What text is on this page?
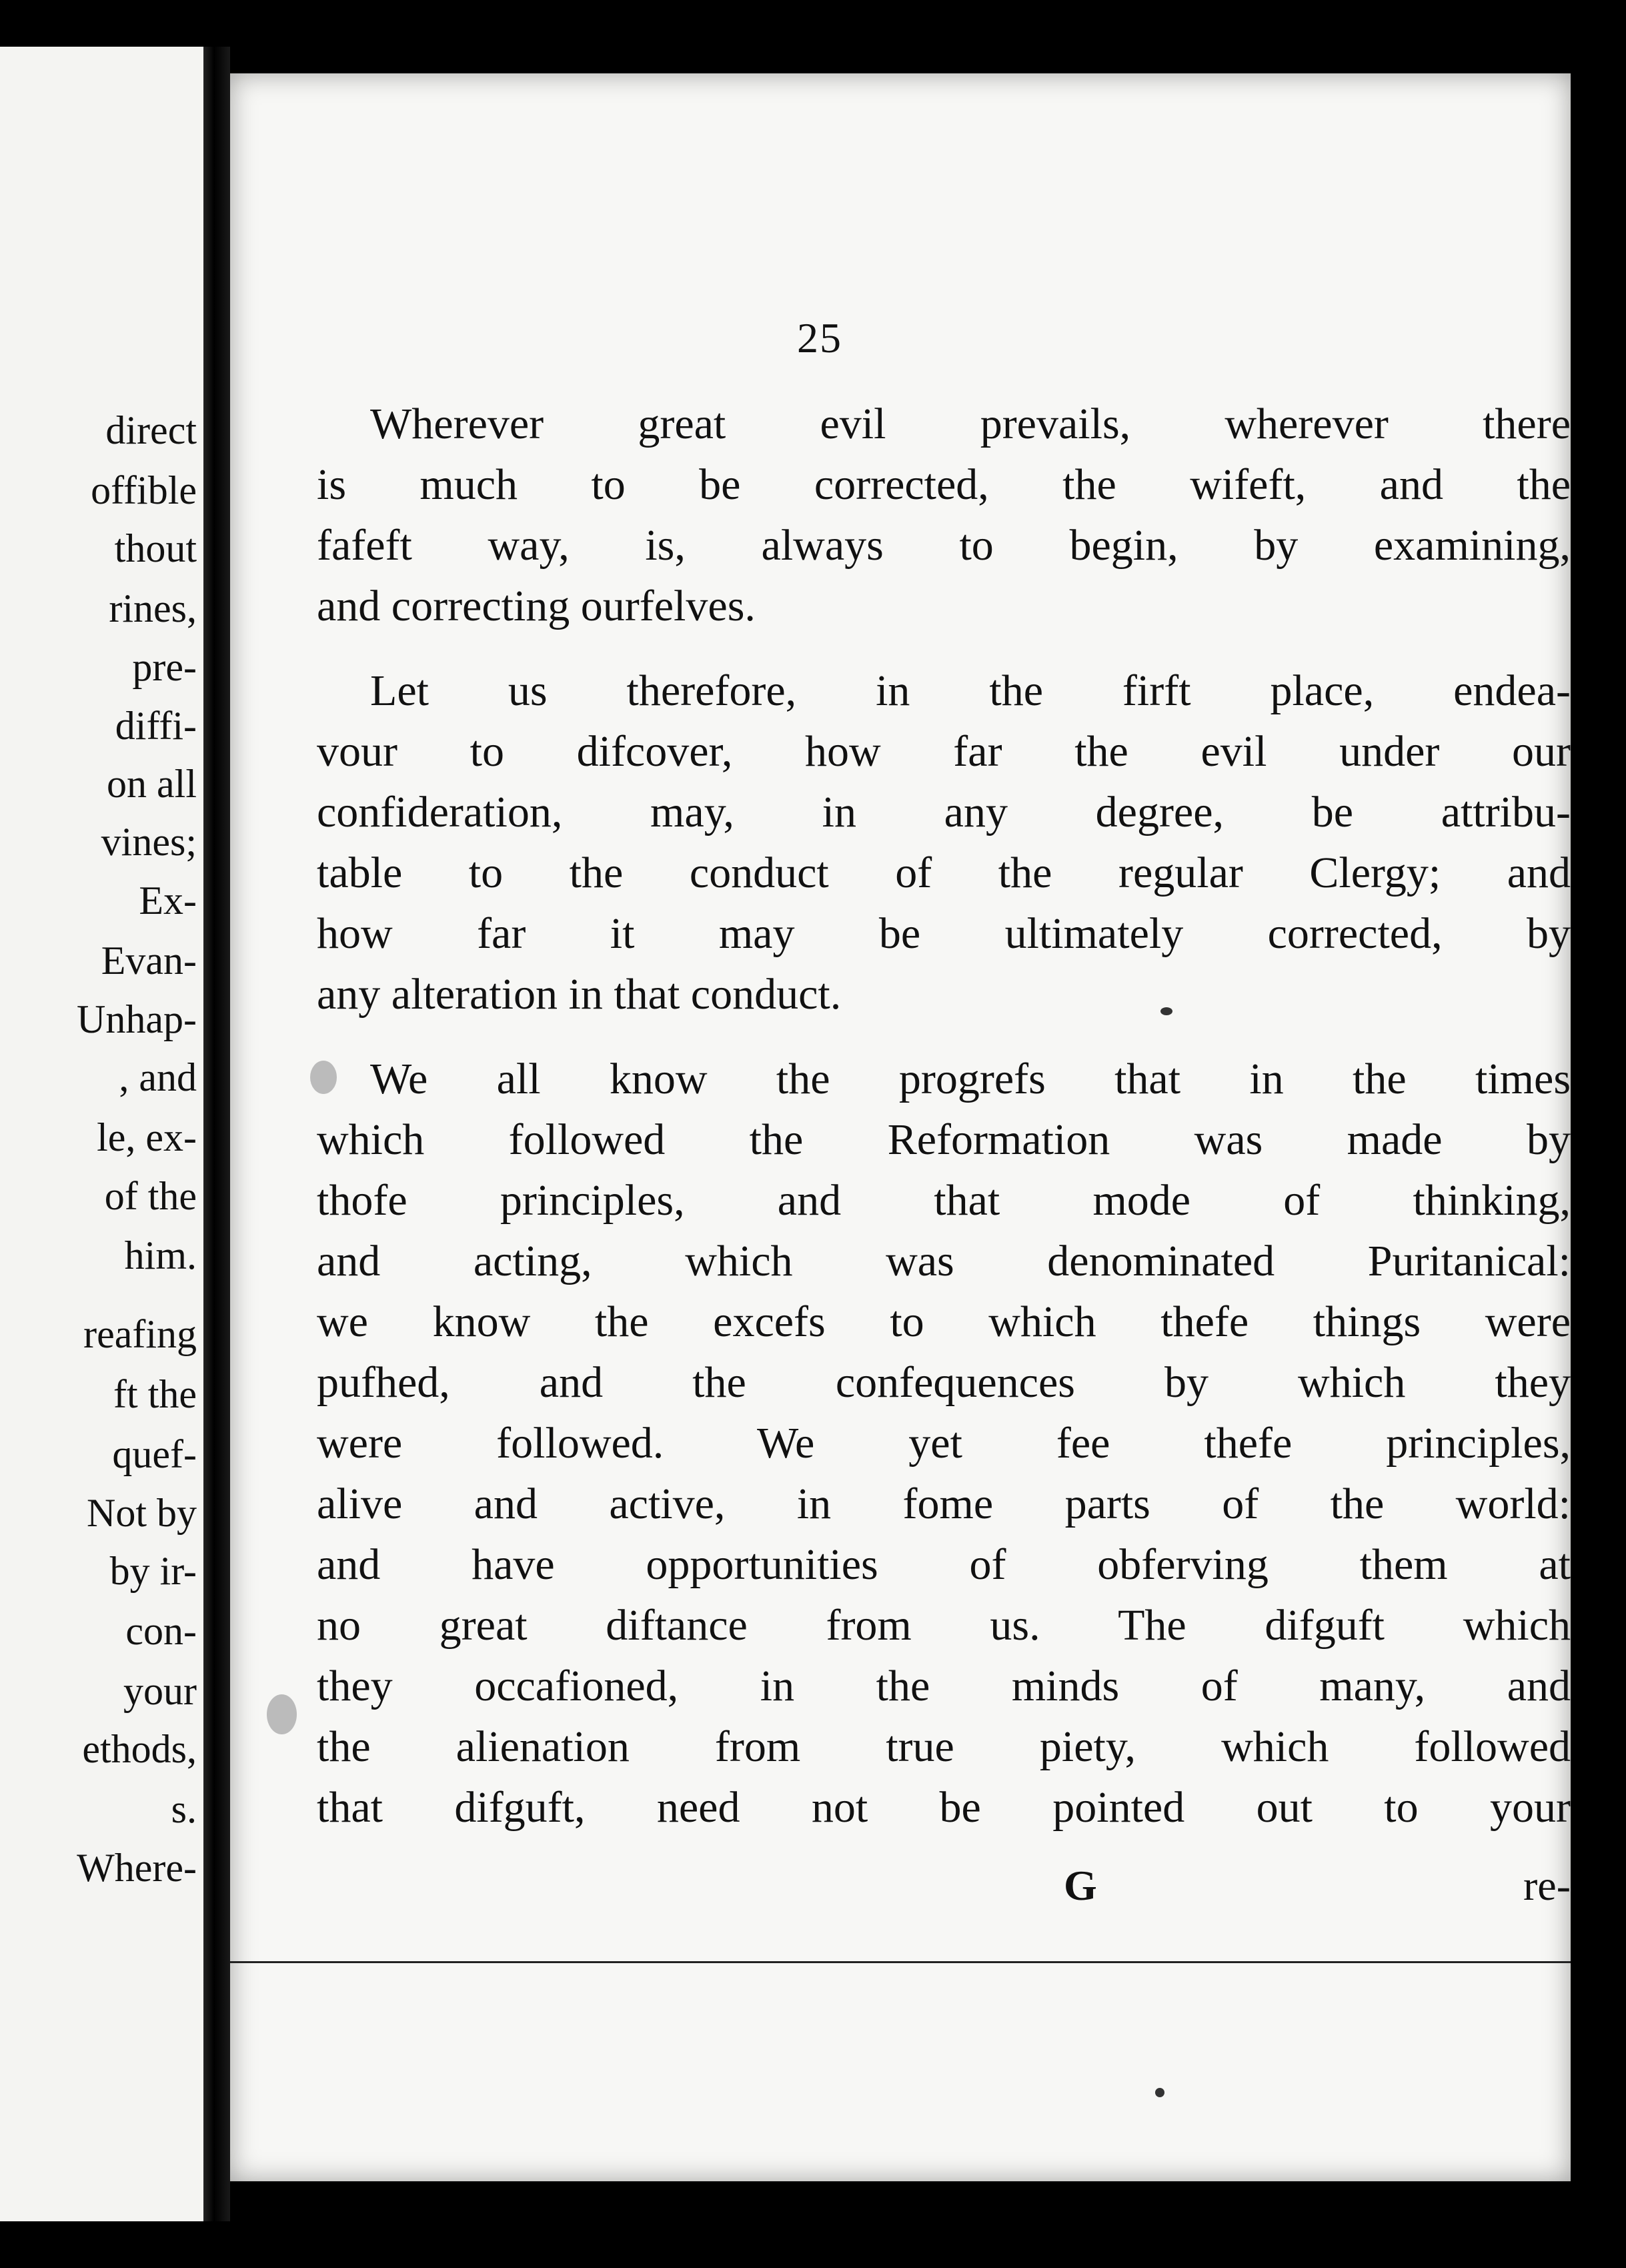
direct
offible
thout
rines,
pre-
diffi-
on all
vines;
Ex-
Evan-
Unhap-
, and
le, ex-
of the
him.
reafing
ft the
quef-
Not by
by ir-
con-
your
ethods,
s.
Where-
25
Wherever great evil prevails, wherever there
is much to be corrected, the wifeft, and the
fafeft way, is, always to begin, by examining,
and correcting ourfelves.
Let us therefore, in the firft place, endea-
vour to difcover, how far the evil under our
confideration, may, in any degree, be attribu-
table to the conduct of the regular Clergy; and
how far it may be ultimately corrected, by
any alteration in that conduct.
We all know the progrefs that in the times
which followed the Reformation was made by
thofe principles, and that mode of thinking,
and acting, which was denominated Puritanical:
we know the excefs to which thefe things were
pufhed, and the confequences by which they
were followed. We yet fee thefe principles,
alive and active, in fome parts of the world:
and have opportunities of obferving them at
no great diftance from us. The difguft which
they occafioned, in the minds of many, and
the alienation from true piety, which followed
that difguft, need not be pointed out to your
G	re-
